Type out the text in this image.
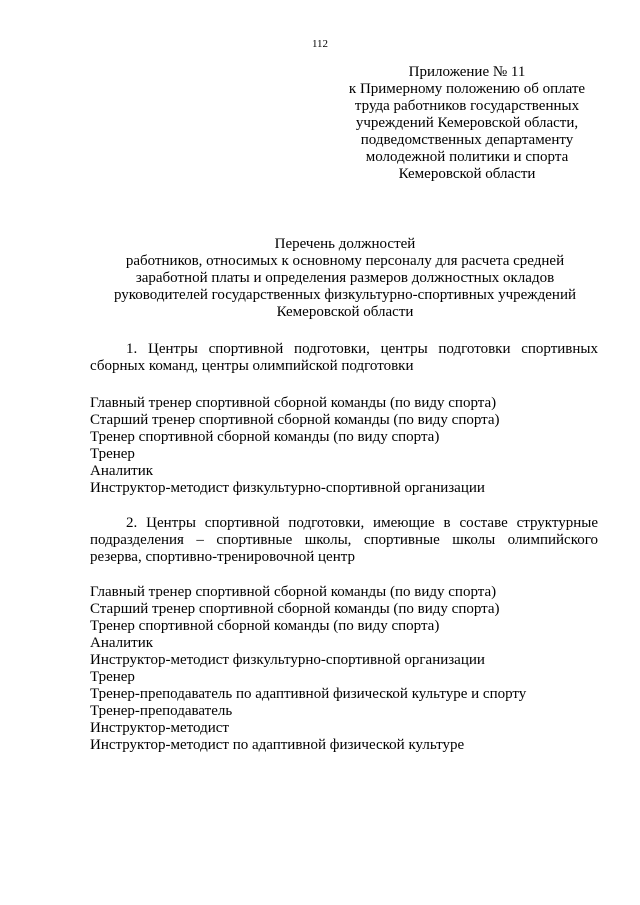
112
Приложение № 11
к Примерному положению об оплате
труда работников государственных
учреждений Кемеровской области,
подведомственных департаменту
молодежной политики и спорта
Кемеровской области
Перечень должностей
работников, относимых к основному персоналу для расчета средней
заработной платы и определения размеров должностных окладов
руководителей государственных физкультурно-спортивных учреждений
Кемеровской области
1. Центры спортивной подготовки, центры подготовки спортивных сборных команд, центры олимпийской подготовки
Главный тренер спортивной сборной команды (по виду спорта)
Старший тренер спортивной сборной команды (по виду спорта)
Тренер спортивной сборной команды (по виду спорта)
Тренер
Аналитик
Инструктор-методист физкультурно-спортивной организации
2. Центры спортивной подготовки, имеющие в составе структурные подразделения – спортивные школы, спортивные школы олимпийского резерва, спортивно-тренировочной центр
Главный тренер спортивной сборной команды (по виду спорта)
Старший тренер спортивной сборной команды (по виду спорта)
Тренер спортивной сборной команды (по виду спорта)
Аналитик
Инструктор-методист физкультурно-спортивной организации
Тренер
Тренер-преподаватель по адаптивной физической культуре и спорту
Тренер-преподаватель
Инструктор-методист
Инструктор-методист по адаптивной физической культуре
